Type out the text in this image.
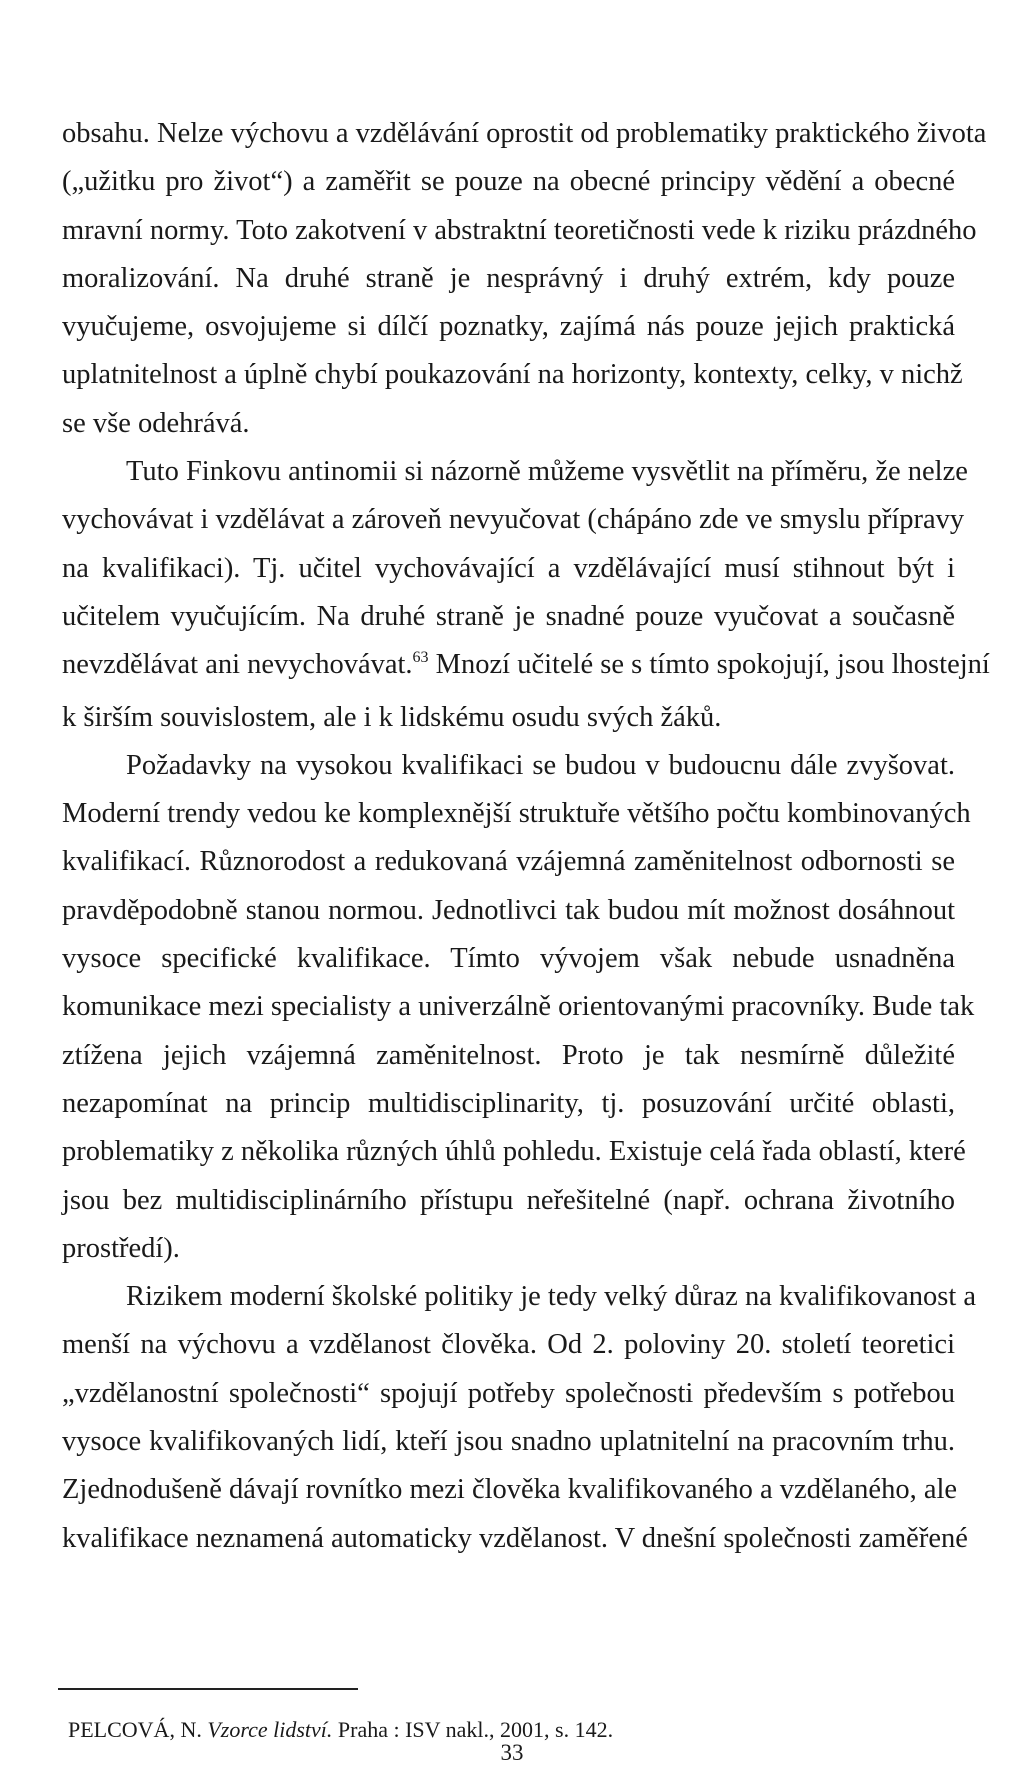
obsahu. Nelze výchovu a vzdělávání oprostit od problematiky praktického života
(„užitku pro život“) a zaměřit se pouze na obecné principy vědění a obecné
mravní normy. Toto zakotvení v abstraktní teoretičnosti vede k riziku prázdného
moralizování. Na druhé straně je nesprávný i druhý extrém, kdy pouze
vyučujeme, osvojujeme si dílčí poznatky, zajímá nás pouze jejich praktická
uplatnitelnost a úplně chybí poukazování na horizonty, kontexty, celky, v nichž
se vše odehrává.
Tuto Finkovu antinomii si názorně můžeme vysvětlit na příměru, že nelze
vychovávat i vzdělávat a zároveň nevyučovat (chápáno zde ve smyslu přípravy
na kvalifikaci). Tj. učitel vychovávající a vzdělávající musí stihnout být i
učitelem vyučujícím. Na druhé straně je snadné pouze vyučovat a současně
nevzdělávat ani nevychovávat.$^{63}$ Mnozí učitelé se s tímto spokojují, jsou lhostejní
k širším souvislostem, ale i k lidskému osudu svých žáků.
Požadavky na vysokou kvalifikaci se budou v budoucnu dále zvyšovat.
Moderní trendy vedou ke komplexnější struktuře většího počtu kombinovaných
kvalifikací. Různorodost a redukovaná vzájemná zaměnitelnost odbornosti se
pravděpodobně stanou normou. Jednotlivci tak budou mít možnost dosáhnout
vysoce specifické kvalifikace. Tímto vývojem však nebude usnadněna
komunikace mezi specialisty a univerzálně orientovanými pracovníky. Bude tak
ztížena jejich vzájemná zaměnitelnost. Proto je tak nesmírně důležité
nezapomínat na princip multidisciplinarity, tj. posuzování určité oblasti,
problematiky z několika různých úhlů pohledu. Existuje celá řada oblastí, které
jsou bez multidisciplinárního přístupu neřešitelné (např. ochrana životního
prostředí).
Rizikem moderní školské politiky je tedy velký důraz na kvalifikovanost a
menší na výchovu a vzdělanost člověka. Od 2. poloviny 20. století teoretici
„vzdělanostní společnosti“ spojují potřeby společnosti především s potřebou
vysoce kvalifikovaných lidí, kteří jsou snadno uplatnitelní na pracovním trhu.
Zjednodušeně dávají rovnítko mezi člověka kvalifikovaného a vzdělaného, ale
kvalifikace neznamená automaticky vzdělanost. V dnešní společnosti zaměřené
PELCOVÁ, N. Vzorce lidství. Praha : ISV nakl., 2001, s. 142.
33
